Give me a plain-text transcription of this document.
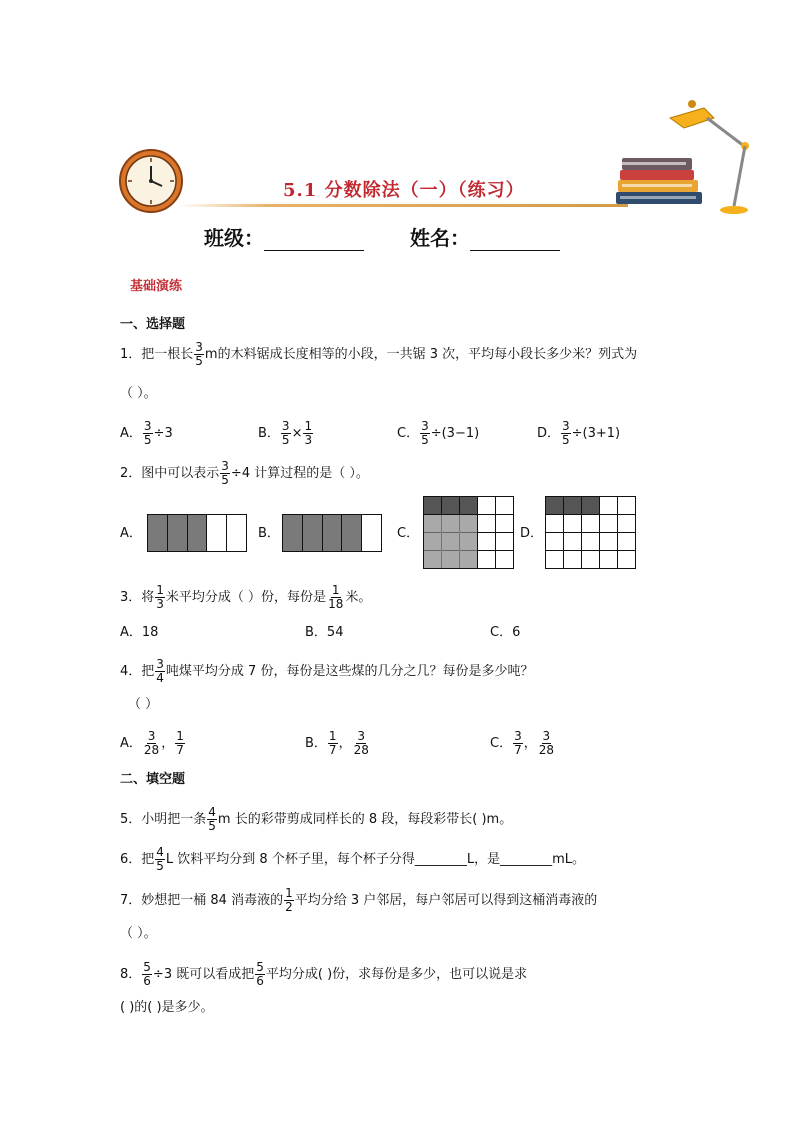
5.1 分数除法（一）（练习）
班级：	姓名：
基础演练
一、选择题
1．把一根长 $\frac{3}{5}$ m的木料锯成长度相等的小段，一共锯 3 次，平均每小段长多少米？列式为
（ ）。
A． $\frac{3}{5} \div 3$	B． $\frac{3}{5} \times \frac{1}{3}$	C． $\frac{3}{5} \div(3-1)$	D． $\frac{3}{5} \div(3+1)$
2．图中可以表示 $\frac{3}{5} \div 4$ 计算过程的是（ ）。
A．	B．	C．	D．
3．将 $\frac{1}{3}$ 米平均分成（ ）份，每份是 $\frac{1}{18}$ 米。
A．18	B．54	C．6
4．把 $\frac{3}{4}$ 吨煤平均分成 7 份，每份是这些煤的几分之几？每份是多少吨？
（ ）
A． $\frac{3}{28}$ ， $\frac{1}{7}$	B． $\frac{1}{7}$ ， $\frac{3}{28}$	C． $\frac{3}{7}$ ， $\frac{3}{28}$
二、填空题
5．小明把一条 $\frac{4}{5}$ m 长的彩带剪成同样长的 8 段，每段彩带长( )m。
6．把 $\frac{4}{5}$ L 饮料平均分到 8 个杯子里，每个杯子分得________L，是________mL。
7．妙想把一桶 84 消毒液的 $\frac{1}{2}$ 平均分给 3 户邻居，每户邻居可以得到这桶消毒液的
（ ）。
8． $\frac{5}{6} \div 3$ 既可以看成把 $\frac{5}{6}$ 平均分成( )份，求每份是多少，也可以说是求
( )的( )是多少。
